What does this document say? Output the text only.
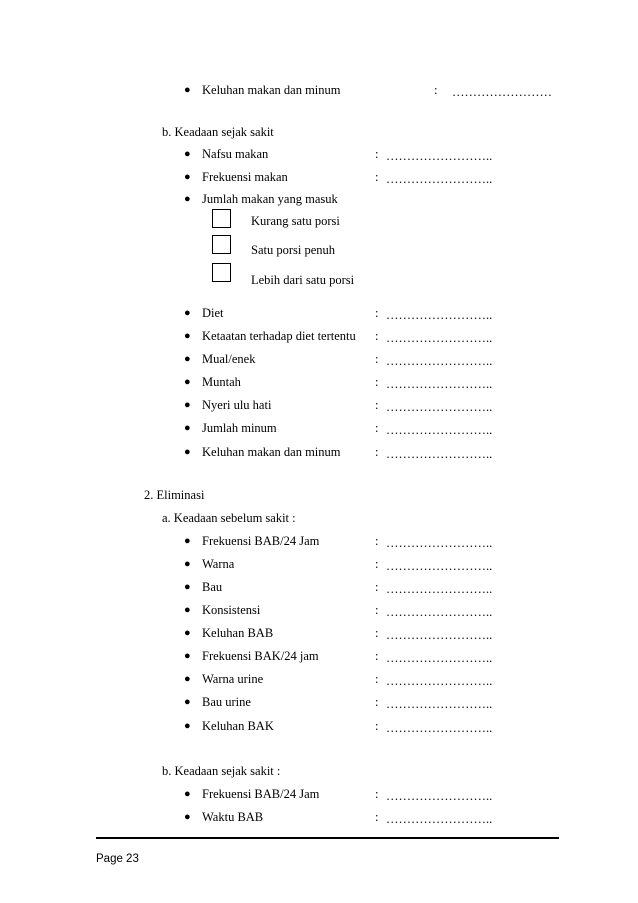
● Keluhan makan dan minum	: ……………………
b. Keadaan sejak sakit
● Nafsu makan	: ……………………..
● Frekuensi makan	: ……………………..
● Jumlah makan yang masuk
Kurang satu porsi
Satu porsi penuh
Lebih dari satu porsi
● Diet	: ……………………..
● Ketaatan terhadap diet tertentu : ……………………..
● Mual/enek	: ……………………..
● Muntah	: ……………………..
● Nyeri ulu hati	: ……………………..
● Jumlah minum	: ……………………..
● Keluhan makan dan minum	: ……………………..
2. Eliminasi
a. Keadaan sebelum sakit :
● Frekuensi BAB/24 Jam	: ……………………..
● Warna	: ……………………..
● Bau	: ……………………..
● Konsistensi	: ……………………..
● Keluhan BAB	: ……………………..
● Frekuensi BAK/24 jam	: ……………………..
● Warna urine	: ……………………..
● Bau urine	: ……………………..
● Keluhan BAK	: ……………………..
b. Keadaan sejak sakit :
● Frekuensi BAB/24 Jam	: ……………………..
● Waktu BAB	: ……………………..
Page 23
